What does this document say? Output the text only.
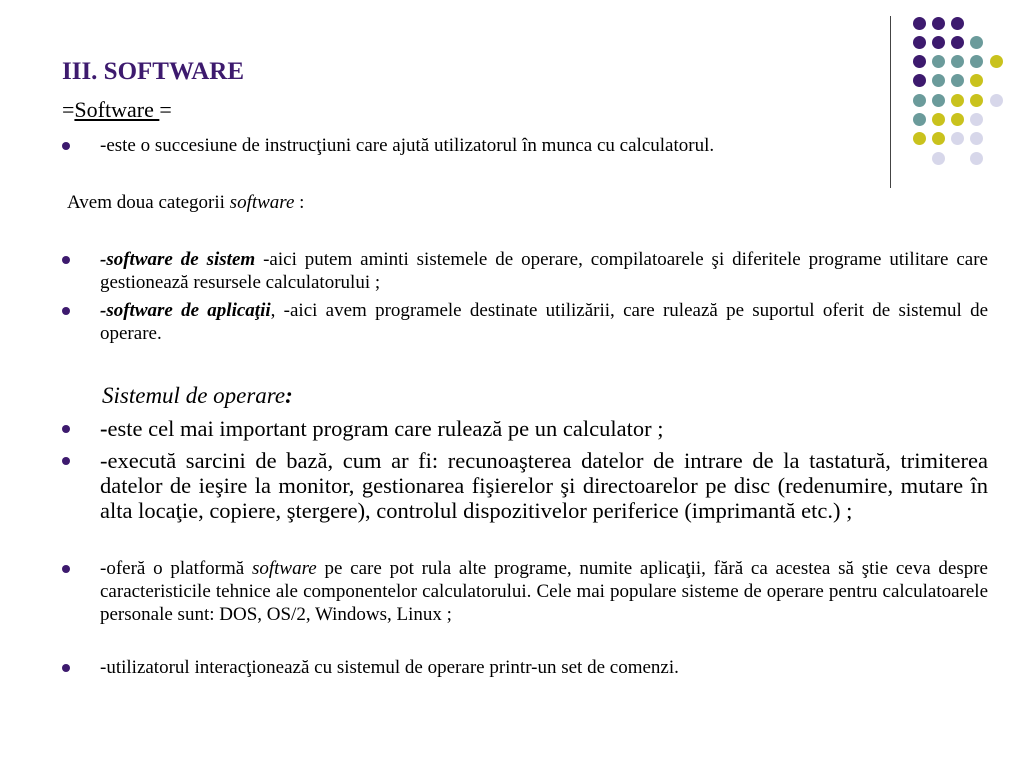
III. SOFTWARE
=Software =
-este o succesiune de instrucţiuni care ajută utilizatorul în munca cu calculatorul.
Avem doua categorii software :
-software de sistem -aici putem aminti sistemele de operare, compilatoarele şi diferitele programe utilitare care gestionează resursele calculatorului ;
-software de aplicaţii, -aici avem programele destinate utilizării, care rulează pe suportul oferit de sistemul de operare.
Sistemul de operare:
-este cel mai important program care rulează pe un calculator ;
-execută sarcini de bază, cum ar fi: recunoaşterea datelor de intrare de la tastatură, trimiterea datelor de ieşire la monitor, gestionarea fişierelor şi directoarelor pe disc (redenumire, mutare în alta locaţie, copiere, ştergere), controlul dispozitivelor periferice (imprimantă etc.) ;
-oferă o platformă software pe care pot rula alte programe, numite aplicaţii, fără ca acestea să ştie ceva despre caracteristicile tehnice ale componentelor calculatorului. Cele mai populare sisteme de operare pentru calculatoarele personale sunt: DOS, OS/2, Windows, Linux ;
-utilizatorul interacţionează cu sistemul de operare printr-un set de comenzi.
